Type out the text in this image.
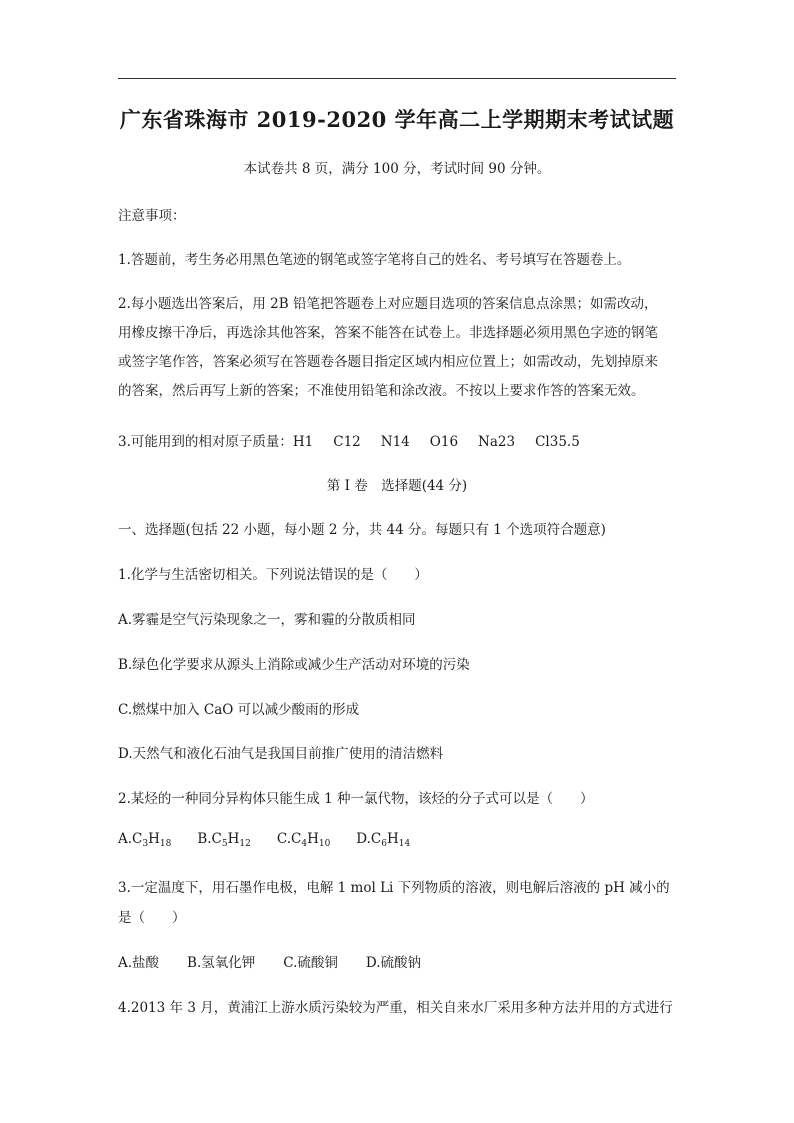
广东省珠海市 2019-2020 学年高二上学期期末考试试题
本试卷共 8 页，满分 100 分，考试时间 90 分钟。
注意事项：
1.答题前，考生务必用黑色笔迹的钢笔或签字笔将自己的姓名、考号填写在答题卷上。
2.每小题选出答案后，用 2B 铅笔把答题卷上对应题目选项的答案信息点涂黑；如需改动，
用橡皮擦干净后，再选涂其他答案，答案不能答在试卷上。非选择题必须用黑色字迹的钢笔
或签字笔作答，答案必须写在答题卷各题目指定区域内相应位置上；如需改动，先划掉原来
的答案，然后再写上新的答案；不准使用铅笔和涂改液。不按以上要求作答的答案无效。
3.可能用到的相对原子质量：H1 C12 N14 O16 Na23 Cl35.5
第 I 卷　选择题(44 分)
一、选择题(包括 22 小题，每小题 2 分，共 44 分。每题只有 1 个选项符合题意)
1.化学与生活密切相关。下列说法错误的是（　　）
A.雾霾是空气污染现象之一，雾和霾的分散质相同
B.绿色化学要求从源头上消除或减少生产活动对环境的污染
C.燃煤中加入 CaO 可以减少酸雨的形成
D.天然气和液化石油气是我国目前推广使用的清洁燃料
2.某烃的一种同分异构体只能生成 1 种一氯代物，该烃的分子式可以是（　　）
$A.C_3H_{18}$ $B.C_5H_{12}$ $C.C_4H_{10}$ $D.C_6H_{14}$
3.一定温度下，用石墨作电极，电解 1 mol Li 下列物质的溶液，则电解后溶液的 pH 减小的
是（　　）
A.盐酸 B.氢氧化钾 C.硫酸铜 D.硫酸钠
4.2013 年 3 月，黄浦江上游水质污染较为严重，相关自来水厂采用多种方法并用的方式进行
